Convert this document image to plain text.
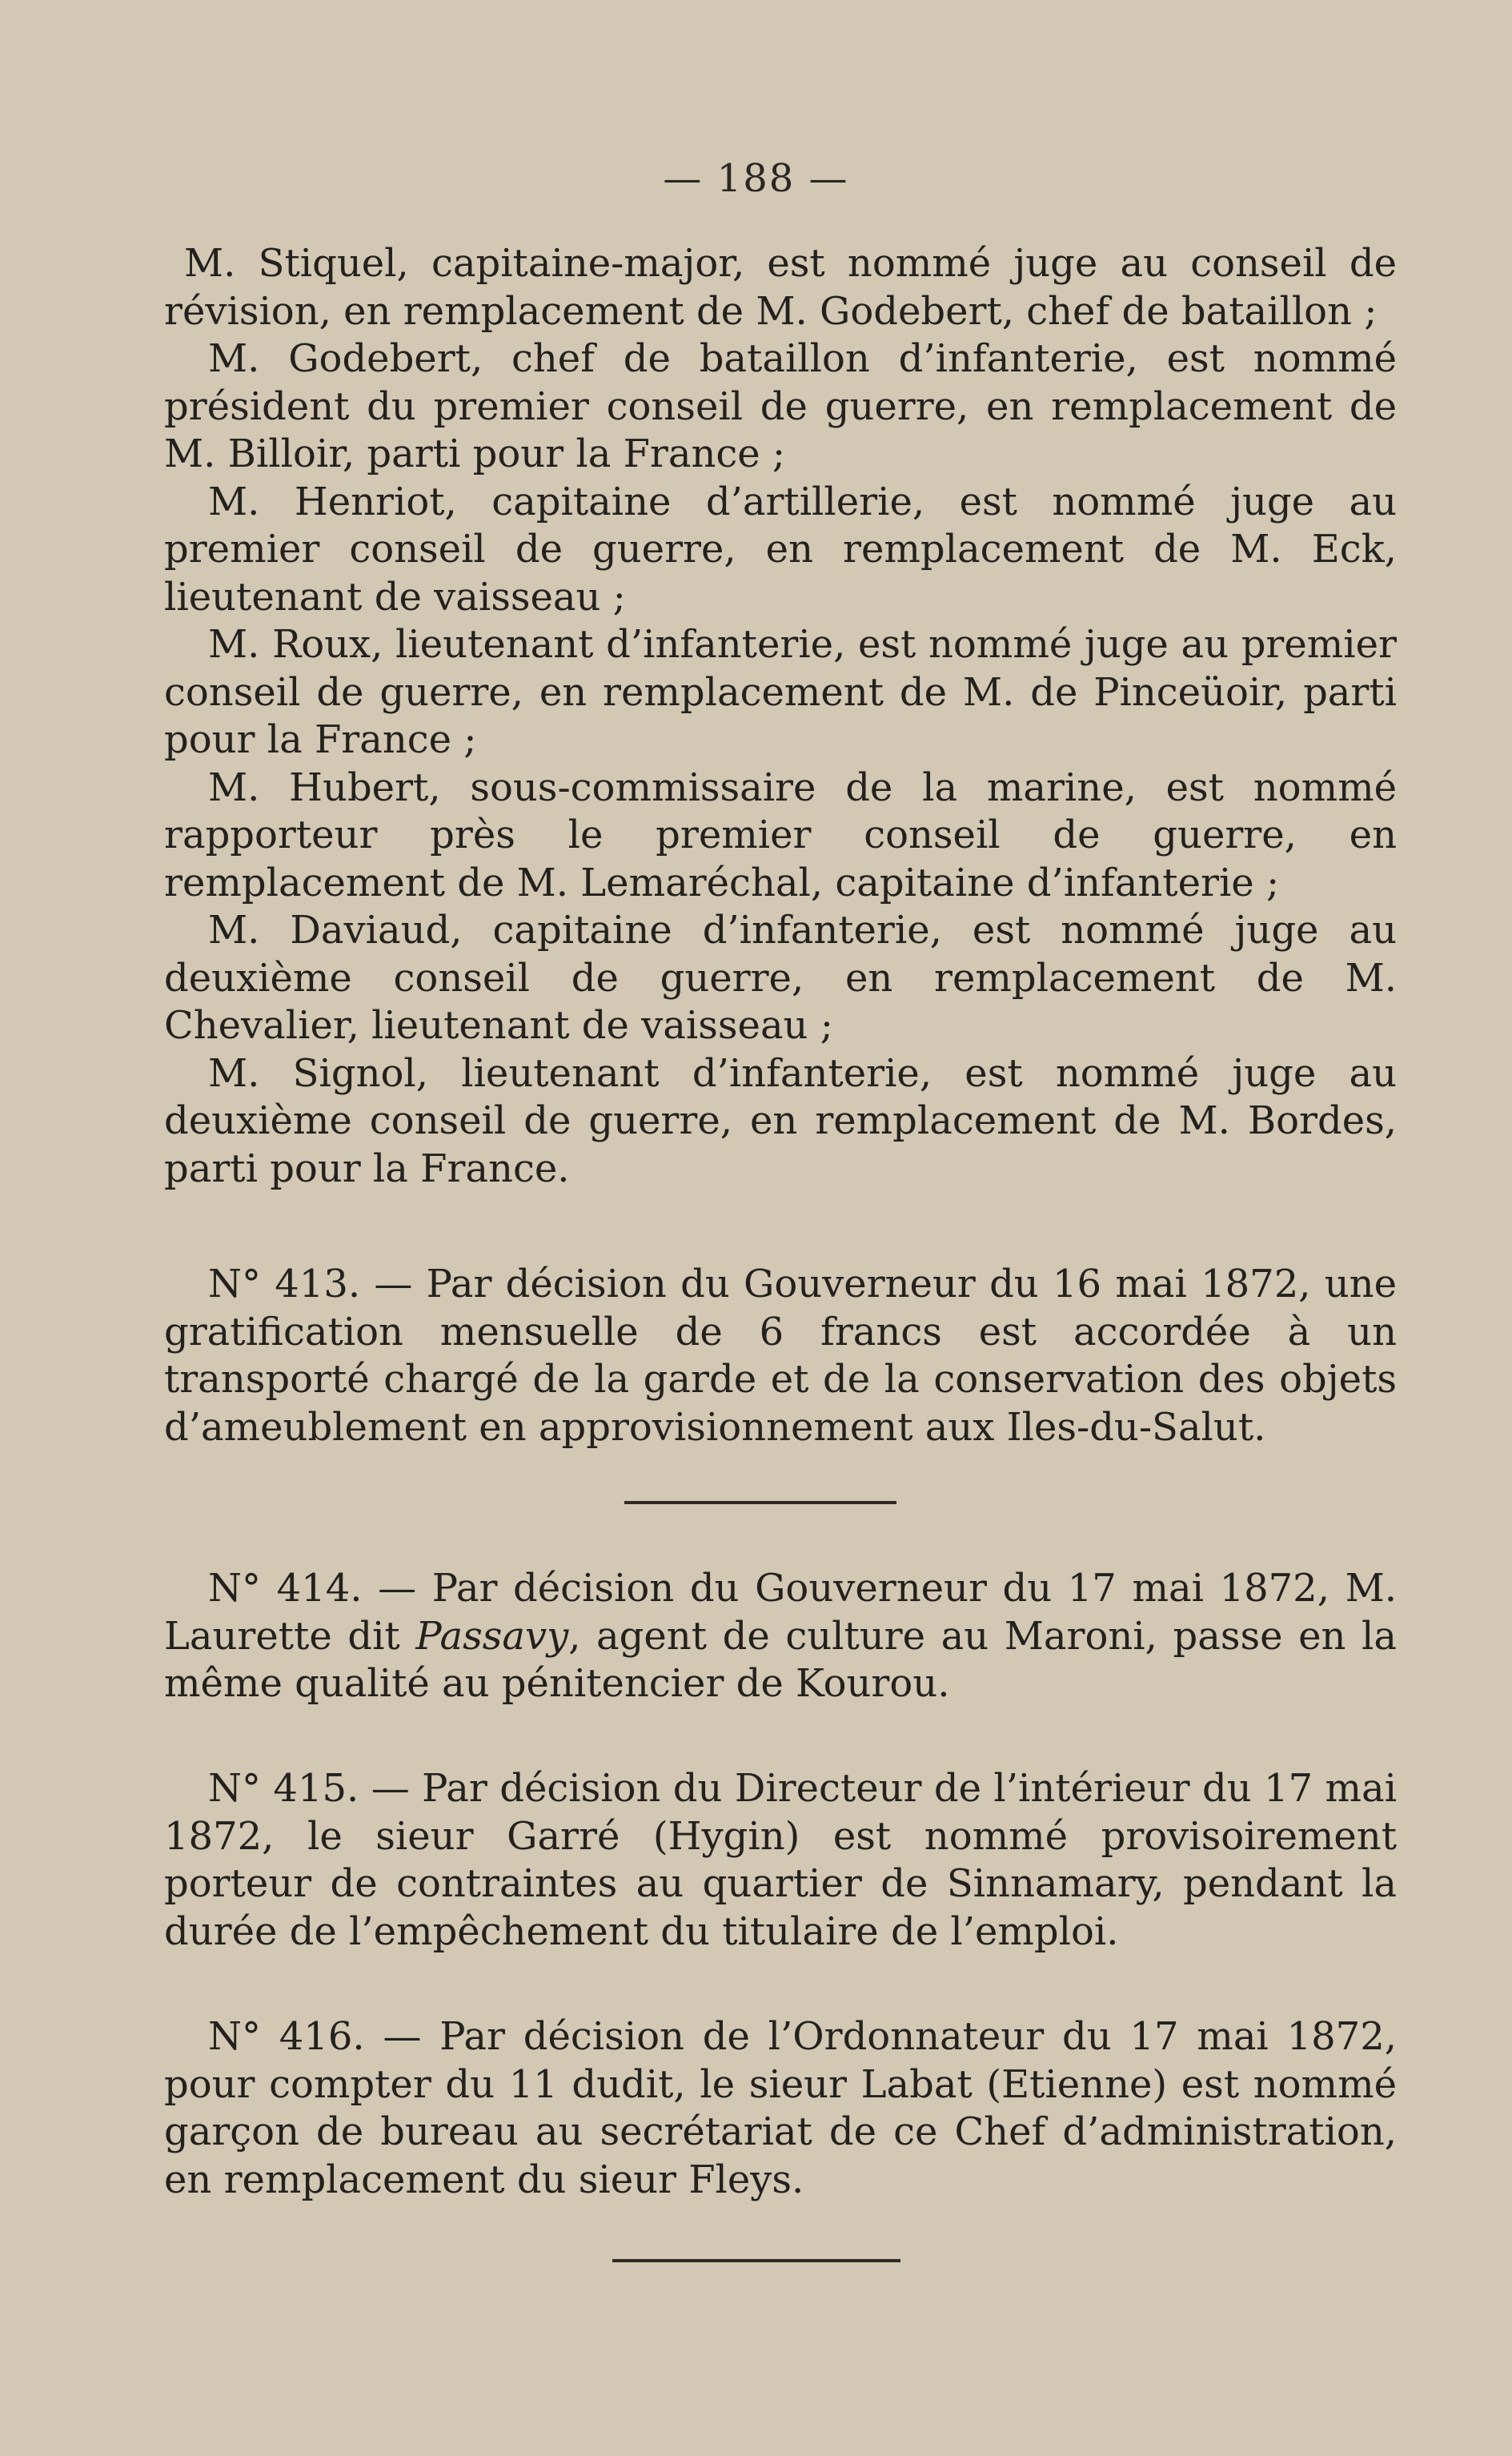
— 188 —

M. Stiquel, capitaine-major, est nommé juge au conseil de révision, en remplacement de M. Godebert, chef de bataillon ;

M. Godebert, chef de bataillon d’infanterie, est nommé président du premier conseil de guerre, en remplacement de M. Billoir, parti pour la France ;

M. Henriot, capitaine d’artillerie, est nommé juge au premier conseil de guerre, en remplacement de M. Eck, lieutenant de vaisseau ;

M. Roux, lieutenant d’infanterie, est nommé juge au premier conseil de guerre, en remplacement de M. de Pinceüoir, parti pour la France ;

M. Hubert, sous-commissaire de la marine, est nommé rapporteur près le premier conseil de guerre, en remplacement de M. Lemaréchal, capitaine d’infanterie ;

M. Daviaud, capitaine d’infanterie, est nommé juge au deuxième conseil de guerre, en remplacement de M. Chevalier, lieutenant de vaisseau ;

M. Signol, lieutenant d’infanterie, est nommé juge au deuxième conseil de guerre, en remplacement de M. Bordes, parti pour la France.

N° 413. — Par décision du Gouverneur du 16 mai 1872, une gratification mensuelle de 6 francs est accordée à un transporté chargé de la garde et de la conservation des objets d’ameublement en approvisionnement aux Iles-du-Salut.

N° 414. — Par décision du Gouverneur du 17 mai 1872, M. Laurette dit Passavy, agent de culture au Maroni, passe en la même qualité au pénitencier de Kourou.

N° 415. — Par décision du Directeur de l’intérieur du 17 mai 1872, le sieur Garré (Hygin) est nommé provisoirement porteur de contraintes au quartier de Sinnamary, pendant la durée de l’empêchement du titulaire de l’emploi.

N° 416. — Par décision de l’Ordonnateur du 17 mai 1872, pour compter du 11 dudit, le sieur Labat (Etienne) est nommé garçon de bureau au secrétariat de ce Chef d’administration, en remplacement du sieur Fleys.
